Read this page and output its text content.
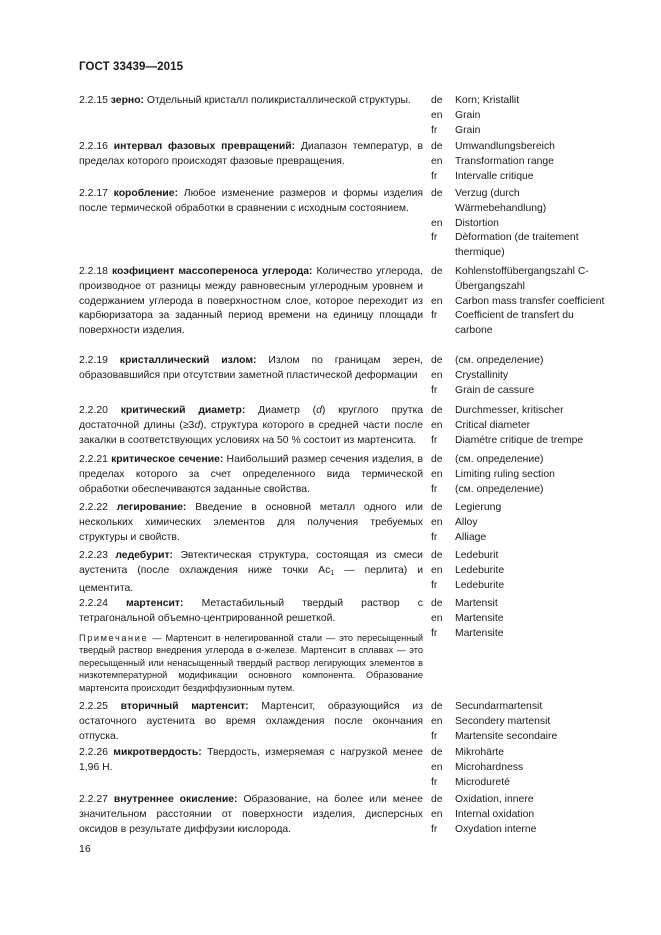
ГОСТ 33439—2015

2.2.15 зерно: Отдельный кристалл поликристаллической структуры.	de	Korn; Kristallit
en	Grain
fr	Grain

2.2.16 интервал фазовых превращений: Диапазон температур, в пределах которого происходят фазовые превращения.

de	Umwandlungsbereich
en	Transformation range
fr	Intervalle critique

2.2.17 коробление: Любое изменение размеров и формы изделия после термической обработки в сравнении с исходным состоянием.

de	Verzug (durch Wärmebehandlung)
en	Distortion
fr	Dèformation (de traitement thermique)

2.2.18 коэфициент массопереноса углерода: Количество углерода, производное от разницы между равновесным углеродным уровнем и содержанием углерода в поверхностном слое, которое переходит из карбюризатора за заданный период времени на единицу площади поверхности изделия.

de	Kohlenstoffübergangszahl C- Übergangszahl
en	Carbon mass transfer coefficient
fr	Coefficient de transfert du carbone

2.2.19 кристаллический излом: Излом по границам зерен, образовавшийся при отсутствии заметной пластической деформации

de	(см. определение)
en	Crystallinity
fr	Grain de cassure

2.2.20 критический диаметр: Диаметр (d) круглого прутка достаточной длины (≥3d), структура которого в средней части после закалки в соответствующих условиях на 50 % состоит из мартенсита.

de	Durchmesser, kritischer
en	Critical diameter
fr	Diamétre critique de trempe

2.2.21 критическое сечение: Наибольший размер сечения изделия, в пределах которого за счет определенного вида термической обработки обеспечиваются заданные свойства.

de	(см. определение)
en	Limiting ruling section
fr	(см. определение)

2.2.22 легирование: Введение в основной металл одного или нескольких химических элементов для получения требуемых структуры и свойств.

de	Legierung
en	Alloy
fr	Alliage

2.2.23 ледебурит: Эвтектическая структура, состоящая из смеси аустенита (после охлаждения ниже точки $Ас_1$ — перлита) и цементита.

de	Ledeburit
en	Ledeburite
fr	Ledeburite

2.2.24 мартенсит: Метастабильный твердый раствор с тетрагональной объемно-центрированной решеткой.

Примечание — Мартенсит в нелегированной стали — это пересыщенный твердый раствор внедрения углерода в α-железе. Мартенсит в сплавах — это пересыщенный или ненасыщенный твердый раствор легирующих элементов в низкотемпературной модификации основного компонента. Образование мартенсита происходит бездиффузионным путем.

de	Martensit
en	Martensite
fr	Martensite

2.2.25 вторичный мартенсит: Мартенсит, образующийся из остаточного аустенита во время охлаждения после окончания отпуска.

de	Secundarmartensit
en	Secondery martensit
fr	Martensite secondaire

2.2.26 микротвердость: Твердость, измеряемая с нагрузкой менее 1,96 Н.

de	Mikrohärte
en	Microhardness
fr	Microdureté

2.2.27 внутреннее окисление: Образование, на более или менее значительном расстоянии от поверхности изделия, дисперсных оксидов в результате диффузии кислорода.

de	Oxidation, innere
en	Internal oxidation
fr	Oxydation interne
16
